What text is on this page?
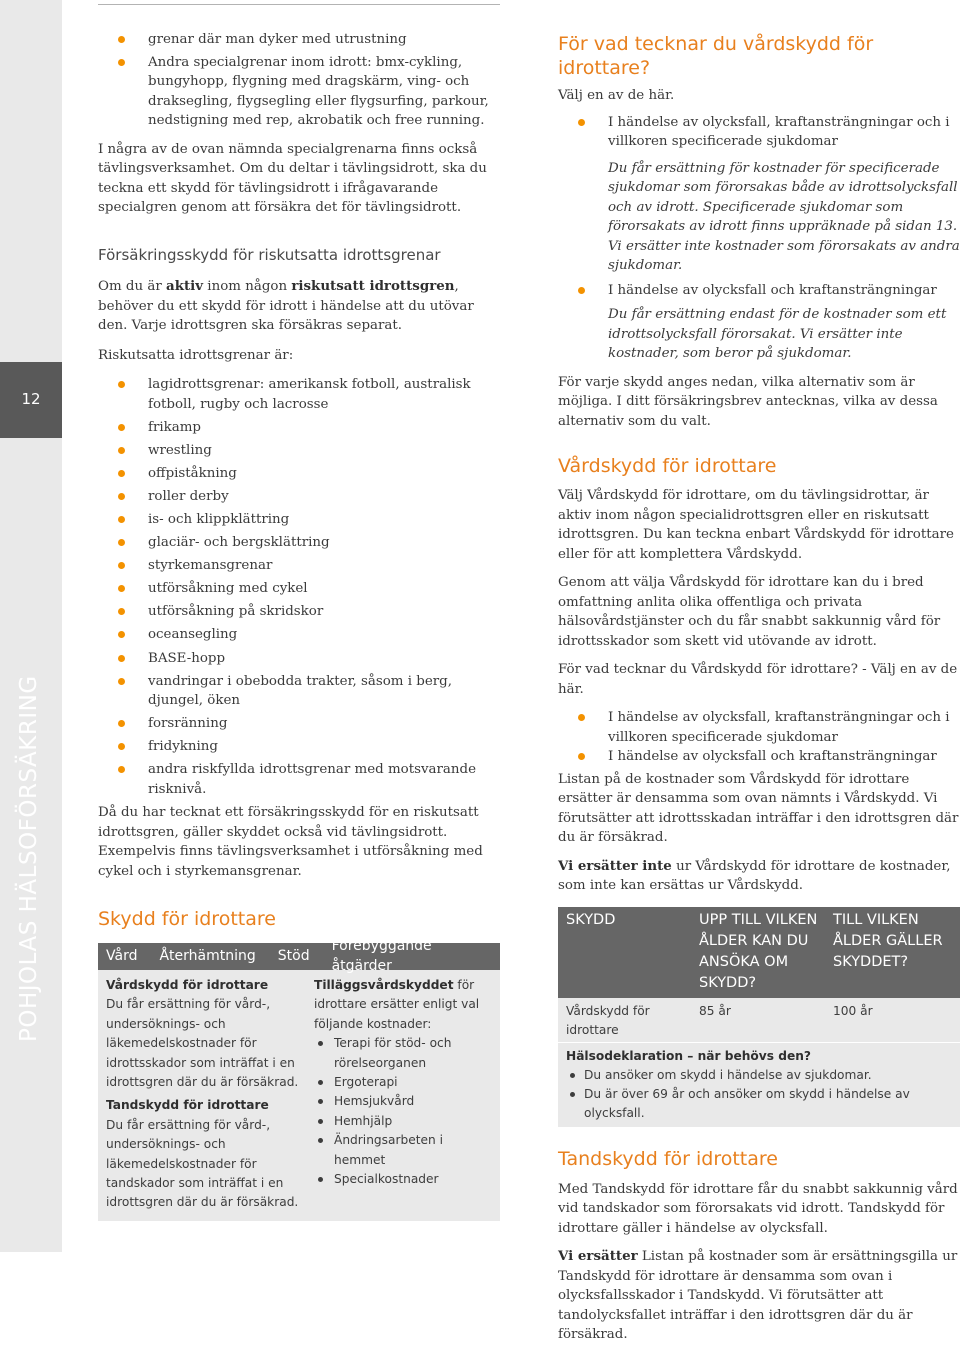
12
POHJOLAS HÄLSOFÖRSÄKRING
grenar där man dyker med utrustning
Andra specialgrenar inom idrott: bmx-cykling, bungyhopp, flygning med dragskärm, ving- och draksegling, flygsegling eller flygsurfing, parkour, nedstigning med rep, akrobatik och free running.

I några av de ovan nämnda specialgrenarna finns också tävlingsverksamhet. Om du deltar i tävlingsidrott, ska du teckna ett skydd för tävlingsidrott i ifrågavarande specialgren genom att försäkra det för tävlingsidrott.

Försäkringsskydd för riskutsatta idrottsgrenar

Om du är aktiv inom någon riskutsatt idrottsgren, behöver du ett skydd för idrott i händelse att du utövar den. Varje idrottsgren ska försäkras separat.

Riskutsatta idrottsgrenar är:

lagidrottsgrenar: amerikansk fotboll, australisk fotboll, rugby och lacrosse
frikamp
wrestling
offpiståkning
roller derby
is- och klippklättring
glaciär- och bergsklättring
styrkemansgrenar
utförsåkning med cykel
utförsåkning på skridskor
oceansegling
BASE-hopp
vandringar i obebodda trakter, såsom i berg, djungel, öken
forsränning
fridykning
andra riskfyllda idrottsgrenar med motsvarande risknivå.

Då du har tecknat ett försäkringsskydd för en riskutsatt idrottsgren, gäller skyddet också vid tävlingsidrott. Exempelvis finns tävlingsverksamhet i utförsåkning med cykel och i styrkemansgrenar.

Skydd för idrottare

Vård Återhämtning Stöd
Förebyggande åtgärder
Vårdskydd för idrottare

Du får ersättning för vård-, undersöknings- och läkemedelskostnader för idrottsskador som inträffat i en idrottsgren där du är försäkrad.

Tandskydd för idrottare

Du får ersättning för vård-, undersöknings- och läkemedelskostnader för tandskador som inträffat i en idrottsgren där du är försäkrad.

Tilläggsvårdskyddet för idrottare ersätter enligt val följande kostnader:

Terapi för stöd- och rörelseorganen
Ergoterapi
Hemsjukvård
Hemhjälp
Ändringsarbeten i hemmet
Specialkostnader

För vad tecknar du vårdskydd för idrottare?

Välj en av de här.

I händelse av olycksfall, kraftansträngningar och i villkoren specificerade sjukdomar

Du får ersättning för kostnader för specificerade sjukdomar som förorsakas både av idrottsolycksfall och av idrott. Specificerade sjukdomar som förorsakats av idrott finns uppräknade på sidan 13. Vi ersätter inte kostnader som förorsakats av andra sjukdomar.

I händelse av olycksfall och kraftansträngningar

Du får ersättning endast för de kostnader som ett idrottsolycksfall förorsakat. Vi ersätter inte kostnader, som beror på sjukdomar.

För varje skydd anges nedan, vilka alternativ som är möjliga. I ditt försäkringsbrev antecknas, vilka av dessa alternativ som du valt.

Vårdskydd för idrottare

Välj Vårdskydd för idrottare, om du tävlingsidrottar, är aktiv inom någon specialidrottsgren eller en riskutsatt idrottsgren. Du kan teckna enbart Vårdskydd för idrottare eller för att komplettera Vårdskydd.

Genom att välja Vårdskydd för idrottare kan du i bred omfattning anlita olika offentliga och privata hälsovårdstjänster och du får snabbt sakkunnig vård för idrottsskador som skett vid utövande av idrott.

För vad tecknar du Vårdskydd för idrottare? - Välj en av de här.

I händelse av olycksfall, kraftansträngningar och i villkoren specificerade sjukdomar
I händelse av olycksfall och kraftansträngningar

Listan på de kostnader som Vårdskydd för idrottare ersätter är densamma som ovan nämnts i Vårdskydd. Vi förutsätter att idrottsskadan inträffar i den idrottsgren där du är försäkrad.

Vi ersätter inte ur Vårdskydd för idrottare de kostnader, som inte kan ersättas ur Vårdskydd.

SKYDD	UPP TILL VILKEN ÅLDER KAN DU ANSÖKA OM SKYDD?
TILL VILKEN ÅLDER GÄLLER SKYDDET?
Vårdskydd för idrottare
85 år	100 år
Hälsodeklaration – när behövs den?
Du ansöker om skydd i händelse av sjukdomar.
Du är över 69 år och ansöker om skydd i händelse av olycksfall.

Tandskydd för idrottare

Med Tandskydd för idrottare får du snabbt sakkunnig vård vid tandskador som förorsakats vid idrott. Tandskydd för idrottare gäller i händelse av olycksfall.

Vi ersätter Listan på kostnader som är ersättningsgilla ur Tandskydd för idrottare är densamma som ovan i olycksfallsskador i Tandskydd. Vi förutsätter att tandolycksfallet inträffar i den idrottsgren där du är försäkrad.
